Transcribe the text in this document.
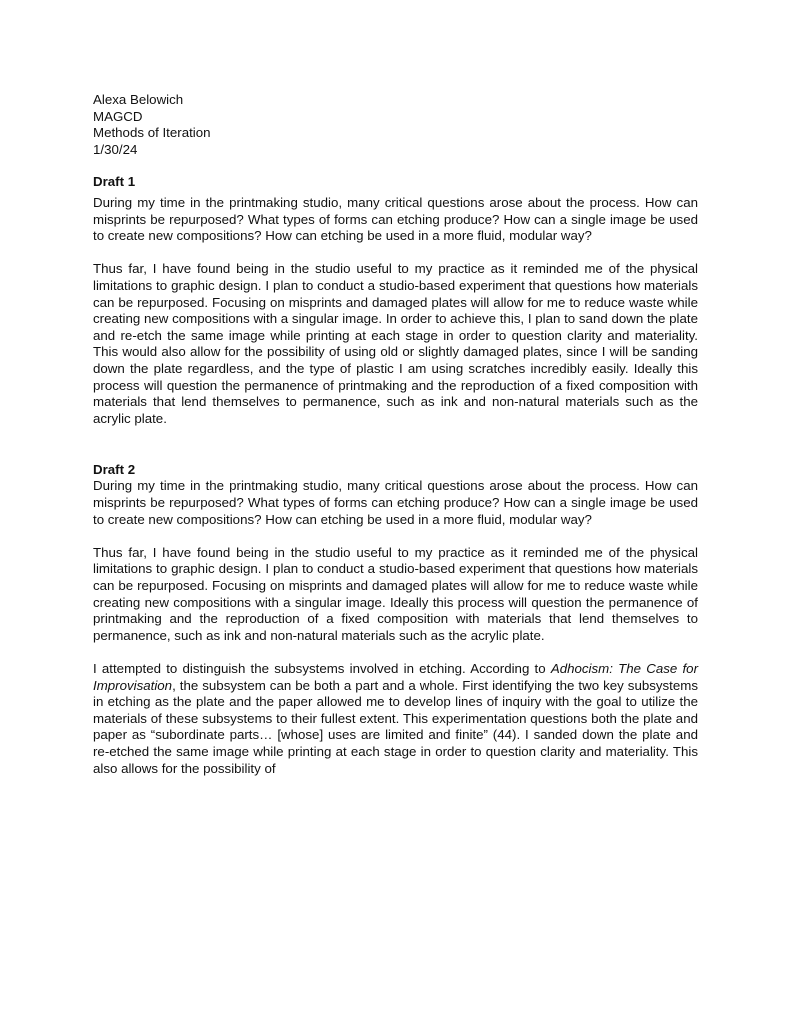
Alexa Belowich
MAGCD
Methods of Iteration
1/30/24
Draft 1

During my time in the printmaking studio, many critical questions arose about the process. How can misprints be repurposed? What types of forms can etching produce? How can a single image be used to create new compositions? How can etching be used in a more fluid, modular way?

Thus far, I have found being in the studio useful to my practice as it reminded me of the physical limitations to graphic design. I plan to conduct a studio-based experiment that questions how materials can be repurposed. Focusing on misprints and damaged plates will allow for me to reduce waste while creating new compositions with a singular image. In order to achieve this, I plan to sand down the plate and re-etch the same image while printing at each stage in order to question clarity and materiality. This would also allow for the possibility of using old or slightly damaged plates, since I will be sanding down the plate regardless, and the type of plastic I am using scratches incredibly easily. Ideally this process will question the permanence of printmaking and the reproduction of a fixed composition with materials that lend themselves to permanence, such as ink and non-natural materials such as the acrylic plate.

Draft 2

During my time in the printmaking studio, many critical questions arose about the process. How can misprints be repurposed? What types of forms can etching produce? How can a single image be used to create new compositions? How can etching be used in a more fluid, modular way?

Thus far, I have found being in the studio useful to my practice as it reminded me of the physical limitations to graphic design. I plan to conduct a studio-based experiment that questions how materials can be repurposed. Focusing on misprints and damaged plates will allow for me to reduce waste while creating new compositions with a singular image. Ideally this process will question the permanence of printmaking and the reproduction of a fixed composition with materials that lend themselves to permanence, such as ink and non-natural materials such as the acrylic plate.

I attempted to distinguish the subsystems involved in etching. According to Adhocism: The Case for Improvisation, the subsystem can be both a part and a whole. First identifying the two key subsystems in etching as the plate and the paper allowed me to develop lines of inquiry with the goal to utilize the materials of these subsystems to their fullest extent. This experimentation questions both the plate and paper as “subordinate parts… [whose] uses are limited and finite” (44). I sanded down the plate and re-etched the same image while printing at each stage in order to question clarity and materiality. This also allows for the possibility of
